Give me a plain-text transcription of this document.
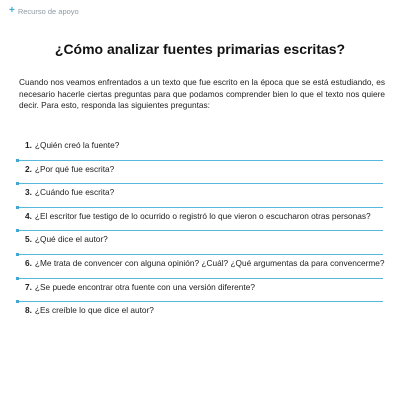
+ Recurso de apoyo
¿Cómo analizar fuentes primarias escritas?

Cuando nos veamos enfrentados a un texto que fue escrito en la época que se está estudiando, es necesario hacerle ciertas preguntas para que podamos comprender bien lo que el texto nos quiere decir. Para esto, responda las siguientes preguntas:

1. ¿Quién creó la fuente?
2. ¿Por qué fue escrita?
3. ¿Cuándo fue escrita?
4. ¿El escritor fue testigo de lo ocurrido o registró lo que vieron o escucharon otras personas?
5. ¿Qué dice el autor?
6. ¿Me trata de convencer con alguna opinión? ¿Cuál? ¿Qué argumentas da para convencerme?
7. ¿Se puede encontrar otra fuente con una versión diferente?
8. ¿Es creíble lo que dice el autor?
